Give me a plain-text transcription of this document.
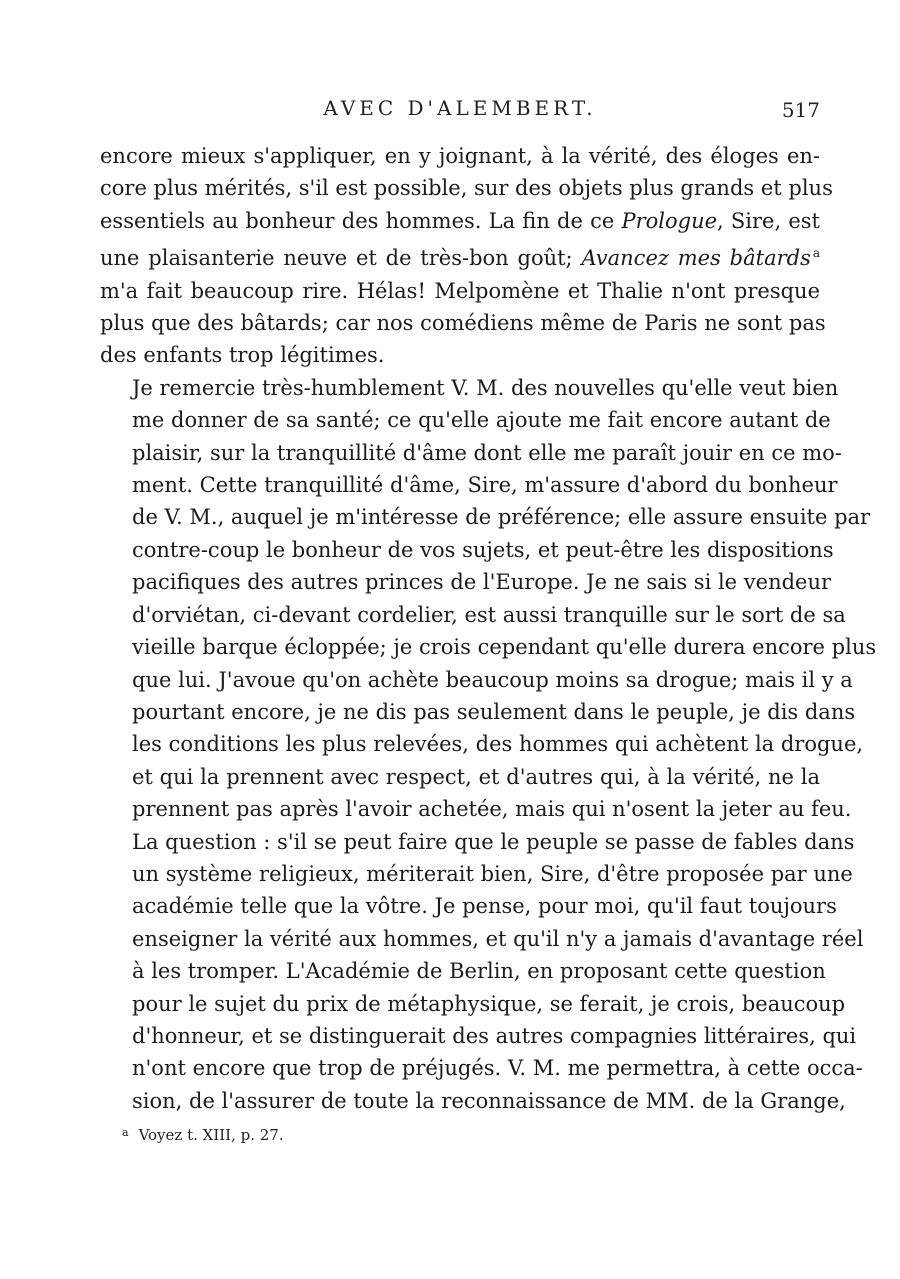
AVEC D'ALEMBERT.	517

encore mieux s'appliquer, en y joignant, à la vérité, des éloges en-
core plus mérités, s'il est possible, sur des objets plus grands et plus
essentiels au bonheur des hommes. La fin de ce Prologue, Sire, est
une plaisanterie neuve et de très-bon goût; Avancez mes bâtards $^a$
m'a fait beaucoup rire. Hélas! Melpomène et Thalie n'ont presque
plus que des bâtards; car nos comédiens même de Paris ne sont pas
des enfants trop légitimes.

Je remercie très-humblement V. M. des nouvelles qu'elle veut bien
me donner de sa santé; ce qu'elle ajoute me fait encore autant de
plaisir, sur la tranquillité d'âme dont elle me paraît jouir en ce mo-
ment. Cette tranquillité d'âme, Sire, m'assure d'abord du bonheur
de V. M., auquel je m'intéresse de préférence; elle assure ensuite par
contre-coup le bonheur de vos sujets, et peut-être les dispositions
pacifiques des autres princes de l'Europe. Je ne sais si le vendeur
d'orviétan, ci-devant cordelier, est aussi tranquille sur le sort de sa
vieille barque écloppée; je crois cependant qu'elle durera encore plus
que lui. J'avoue qu'on achète beaucoup moins sa drogue; mais il y a
pourtant encore, je ne dis pas seulement dans le peuple, je dis dans
les conditions les plus relevées, des hommes qui achètent la drogue,
et qui la prennent avec respect, et d'autres qui, à la vérité, ne la
prennent pas après l'avoir achetée, mais qui n'osent la jeter au feu.

La question : s'il se peut faire que le peuple se passe de fables dans
un système religieux, mériterait bien, Sire, d'être proposée par une
académie telle que la vôtre. Je pense, pour moi, qu'il faut toujours
enseigner la vérité aux hommes, et qu'il n'y a jamais d'avantage réel
à les tromper. L'Académie de Berlin, en proposant cette question
pour le sujet du prix de métaphysique, se ferait, je crois, beaucoup
d'honneur, et se distinguerait des autres compagnies littéraires, qui
n'ont encore que trop de préjugés. V. M. me permettra, à cette occa-
sion, de l'assurer de toute la reconnaissance de MM. de la Grange,

$^a$ Voyez t. XIII, p. 27.
